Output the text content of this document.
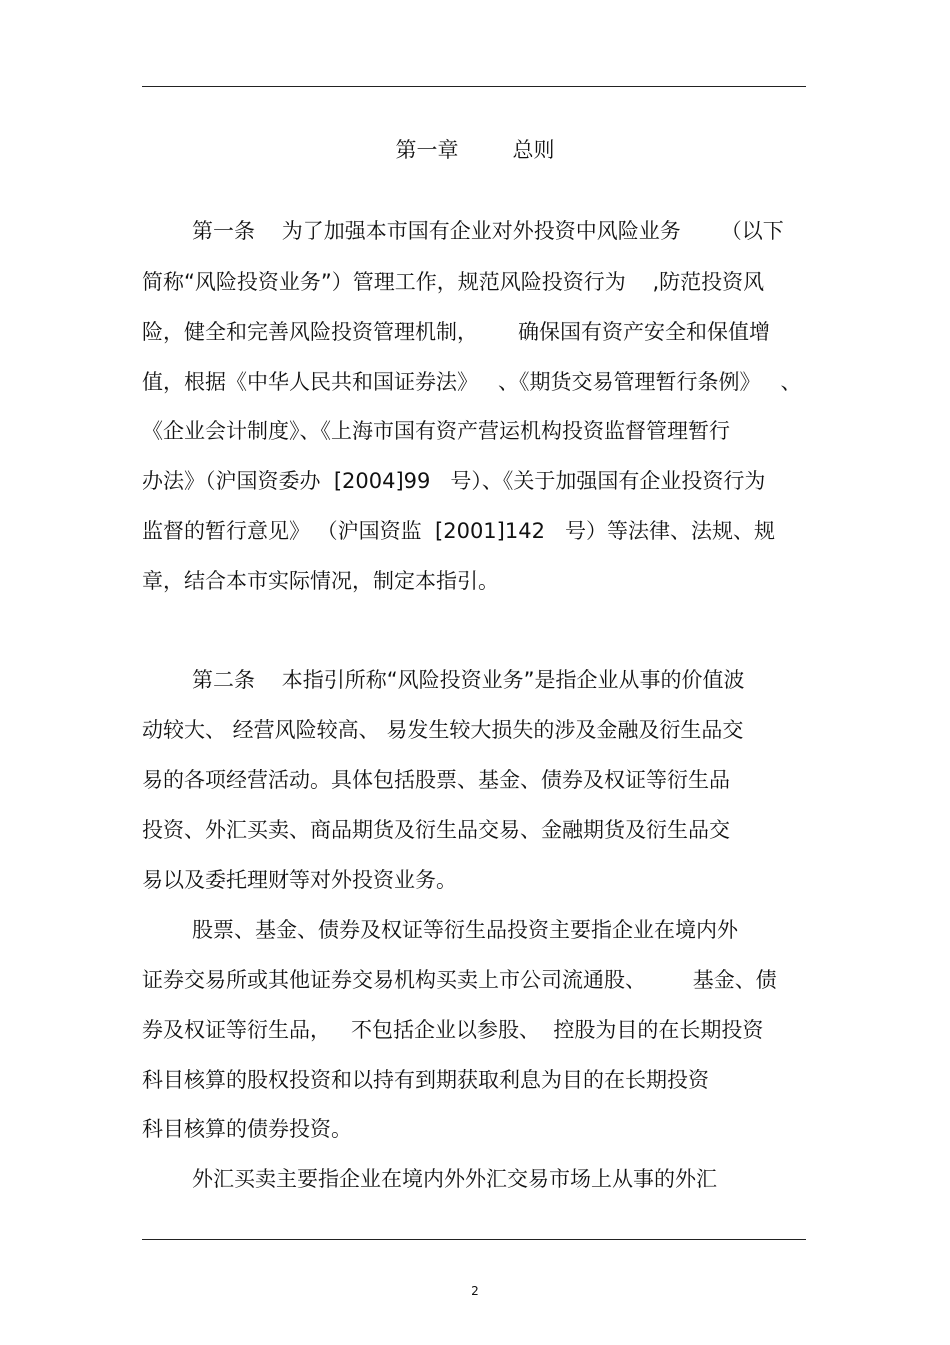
第一章	总则
第一条    为了加强本市国有企业对外投资中风险业务      （以下
简称“风险投资业务”）管理工作，规范风险投资行为    ,防范投资风
险，健全和完善风险投资管理机制，      确保国有资产安全和保值增
值，根据《中华人民共和国证券法》   、《期货交易管理暂行条例》   、
《企业会计制度》、《上海市国有资产营运机构投资监督管理暂行
办法》（沪国资委办  [2004]99   号）、《关于加强国有企业投资行为
监督的暂行意见》 （沪国资监  [2001]142   号）等法律、法规、规
章，结合本市实际情况，制定本指引。
第二条    本指引所称“风险投资业务”是指企业从事的价值波
动较大、 经营风险较高、 易发生较大损失的涉及金融及衍生品交
易的各项经营活动。具体包括股票、基金、债券及权证等衍生品
投资、外汇买卖、商品期货及衍生品交易、金融期货及衍生品交
易以及委托理财等对外投资业务。
股票、基金、债券及权证等衍生品投资主要指企业在境内外
证券交易所或其他证券交易机构买卖上市公司流通股、       基金、债
券及权证等衍生品，   不包括企业以参股、  控股为目的在长期投资
科目核算的股权投资和以持有到期获取利息为目的在长期投资
科目核算的债券投资。
外汇买卖主要指企业在境内外外汇交易市场上从事的外汇
2
